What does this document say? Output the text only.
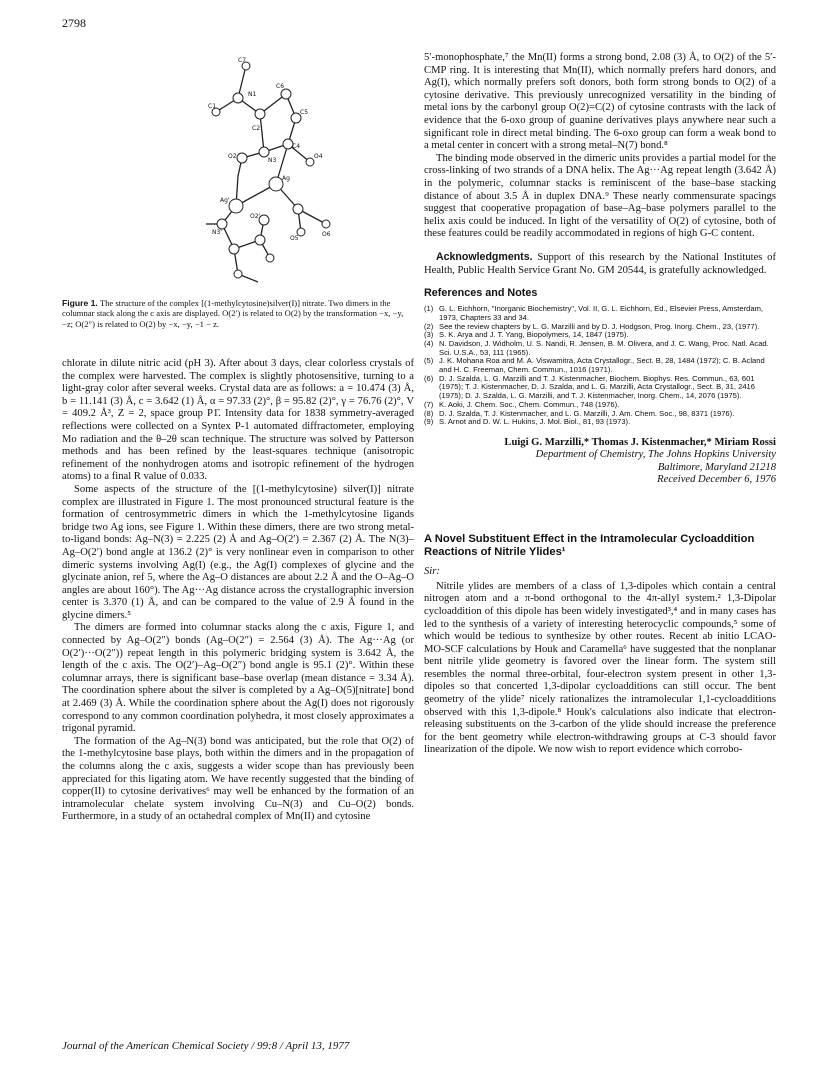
2798
C7
C6
C5
C4
C1
N1
O2
C2
N3
Ag'
Ag
O2'
N3'
O5
O6
O4
Figure 1. The structure of the complex [(1-methylcytosine)silver(I)] nitrate. Two dimers in the columnar stack along the c axis are displayed. O(2′) is related to O(2) by the transformation −x, −y, −z; O(2″) is related to O(2) by −x, −y, −1 − z.

chlorate in dilute nitric acid (pH 3). After about 3 days, clear colorless crystals of the complex were harvested. The complex is slightly photosensitive, turning to a light-gray color after several weeks. Crystal data are as follows: a = 10.474 (3) Å, b = 11.141 (3) Å, c = 3.642 (1) Å, α = 97.33 (2)°, β = 95.82 (2)°, γ = 76.76 (2)°, V = 409.2 Å³, Z = 2, space group P1̄. Intensity data for 1838 symmetry-averaged reflections were collected on a Syntex P-1 automated diffractometer, employing Mo radiation and the θ–2θ scan technique. The structure was solved by Patterson methods and has been refined by the least-squares technique (anisotropic refinement of the nonhydrogen atoms and isotropic refinement of the hydrogen atoms) to a final R value of 0.033.

Some aspects of the structure of the [(1-methylcytosine) silver(I)] nitrate complex are illustrated in Figure 1. The most pronounced structural feature is the formation of centrosymmetric dimers in which the 1-methylcytosine ligands bridge two Ag ions, see Figure 1. Within these dimers, there are two strong metal-to-ligand bonds: Ag–N(3) = 2.225 (2) Å and Ag–O(2′) = 2.367 (2) Å. The N(3)–Ag–O(2′) bond angle at 136.2 (2)° is very nonlinear even in comparison to other dimeric systems involving Ag(I) (e.g., the Ag(I) complexes of glycine and the glycinate anion, ref 5, where the Ag–O distances are about 2.2 Å and the O–Ag–O angles are about 160°). The Ag···Ag distance across the crystallographic inversion center is 3.370 (1) Å, and can be compared to the value of 2.9 Å found in the glycine dimers.⁵

The dimers are formed into columnar stacks along the c axis, Figure 1, and connected by Ag–O(2″) bonds (Ag–O(2″) = 2.564 (3) Å). The Ag···Ag (or O(2′)···O(2″)) repeat length in this polymeric bridging system is 3.642 Å, the length of the c axis. The O(2′)–Ag–O(2″) bond angle is 95.1 (2)°. Within these columnar arrays, there is significant base–base overlap (mean distance = 3.34 Å). The coordination sphere about the silver is completed by a Ag–O(5)[nitrate] bond at 2.469 (3) Å. While the coordination sphere about the Ag(I) does not rigorously correspond to any common coordination polyhedra, it most closely approximates a trigonal pyramid.

The formation of the Ag–N(3) bond was anticipated, but the role that O(2) of the 1-methylcytosine base plays, both within the dimers and in the propagation of the columns along the c axis, suggests a wider scope than has previously been appreciated for this ligating atom. We have recently suggested that the binding of copper(II) to cytosine derivatives⁶ may well be enhanced by the formation of an intramolecular chelate system involving Cu–N(3) and Cu–O(2) bonds. Furthermore, in a study of an octahedral complex of Mn(II) and cytosine

5′-monophosphate,⁷ the Mn(II) forms a strong bond, 2.08 (3) Å, to O(2) of the 5′-CMP ring. It is interesting that Mn(II), which normally prefers hard donors, and Ag(I), which normally prefers soft donors, both form strong bonds to O(2) of a cytosine derivative. This previously unrecognized versatility in the binding of metal ions by the carbonyl group O(2)=C(2) of cytosine contrasts with the lack of evidence that the 6-oxo group of guanine derivatives plays anywhere near such a significant role in direct metal binding. The 6-oxo group can form a weak bond to a metal center in concert with a strong metal–N(7) bond.⁸

The binding mode observed in the dimeric units provides a partial model for the cross-linking of two strands of a DNA helix. The Ag···Ag repeat length (3.642 Å) in the polymeric, columnar stacks is reminiscent of the base–base stacking distance of about 3.5 Å in duplex DNA.⁹ These nearly commensurate spacings suggest that cooperative propagation of base–Ag–base polymers parallel to the helix axis could be induced. In light of the versatility of O(2) of cytosine, both of these features could be readily accommodated in regions of high G-C content.

Acknowledgments. Support of this research by the National Institutes of Health, Public Health Service Grant No. GM 20544, is gratefully acknowledged.

References and Notes
(1) G. L. Eichhorn, "Inorganic Biochemistry", Vol. II, G. L. Eichhorn, Ed., Elsevier Press, Amsterdam, 1973, Chapters 33 and 34.
(2) See the review chapters by L. G. Marzilli and by D. J. Hodgson, Prog. Inorg. Chem., 23, (1977).
(3) S. K. Arya and J. T. Yang, Biopolymers, 14, 1847 (1975).
(4) N. Davidson, J. Widholm, U. S. Nandi, R. Jensen, B. M. Olivera, and J. C. Wang, Proc. Natl. Acad. Sci. U.S.A., 53, 111 (1965).
(5) J. K. Mohana Roa and M. A. Viswamitra, Acta Crystallogr., Sect. B, 28, 1484 (1972); C. B. Acland and H. C. Freeman, Chem. Commun., 1016 (1971).
(6) D. J. Szalda, L. G. Marzilli and T. J. Kistenmacher, Biochem. Biophys. Res. Commun., 63, 601 (1975); T. J. Kistenmacher, D. J. Szalda, and L. G. Marzilli, Acta Crystallogr., Sect. B, 31, 2416 (1975); D. J. Szalda, L. G. Marzilli, and T. J. Kistenmacher, Inorg. Chem., 14, 2076 (1975).
(7) K. Aoki, J. Chem. Soc., Chem. Commun., 748 (1976).
(8) D. J. Szalda, T. J. Kistenmacher, and L. G. Marzilli, J. Am. Chem. Soc., 98, 8371 (1976).
(9) S. Arnot and D. W. L. Hukins, J. Mol. Biol., 81, 93 (1973).
Luigi G. Marzilli,* Thomas J. Kistenmacher,* Miriam Rossi
Department of Chemistry, The Johns Hopkins University
Baltimore, Maryland 21218
Received December 6, 1976
A Novel Substituent Effect in the Intramolecular Cycloaddition Reactions of Nitrile Ylides¹
Sir:

Nitrile ylides are members of a class of 1,3-dipoles which contain a central nitrogen atom and a π-bond orthogonal to the 4π-allyl system.² 1,3-Dipolar cycloaddition of this dipole has been widely investigated³,⁴ and in many cases has led to the synthesis of a variety of interesting heterocyclic compounds,⁵ some of which would be tedious to synthesize by other routes. Recent ab initio LCAO-MO-SCF calculations by Houk and Caramella⁶ have suggested that the nonplanar bent nitrile ylide geometry is favored over the linear form. The system still resembles the normal three-orbital, four-electron system present in other 1,3-dipoles so that concerted 1,3-dipolar cycloadditions can still occur. The bent geometry of the ylide⁷ nicely rationalizes the intramolecular 1,1-cycloadditions observed with this 1,3-dipole.⁸ Houk's calculations also indicate that electron-releasing substituents on the 3-carbon of the ylide should increase the preference for the bent geometry while electron-withdrawing groups at C-3 should favor linearization of the dipole. We now wish to report evidence which corrobo-

Journal of the American Chemical Society / 99:8 / April 13, 1977
